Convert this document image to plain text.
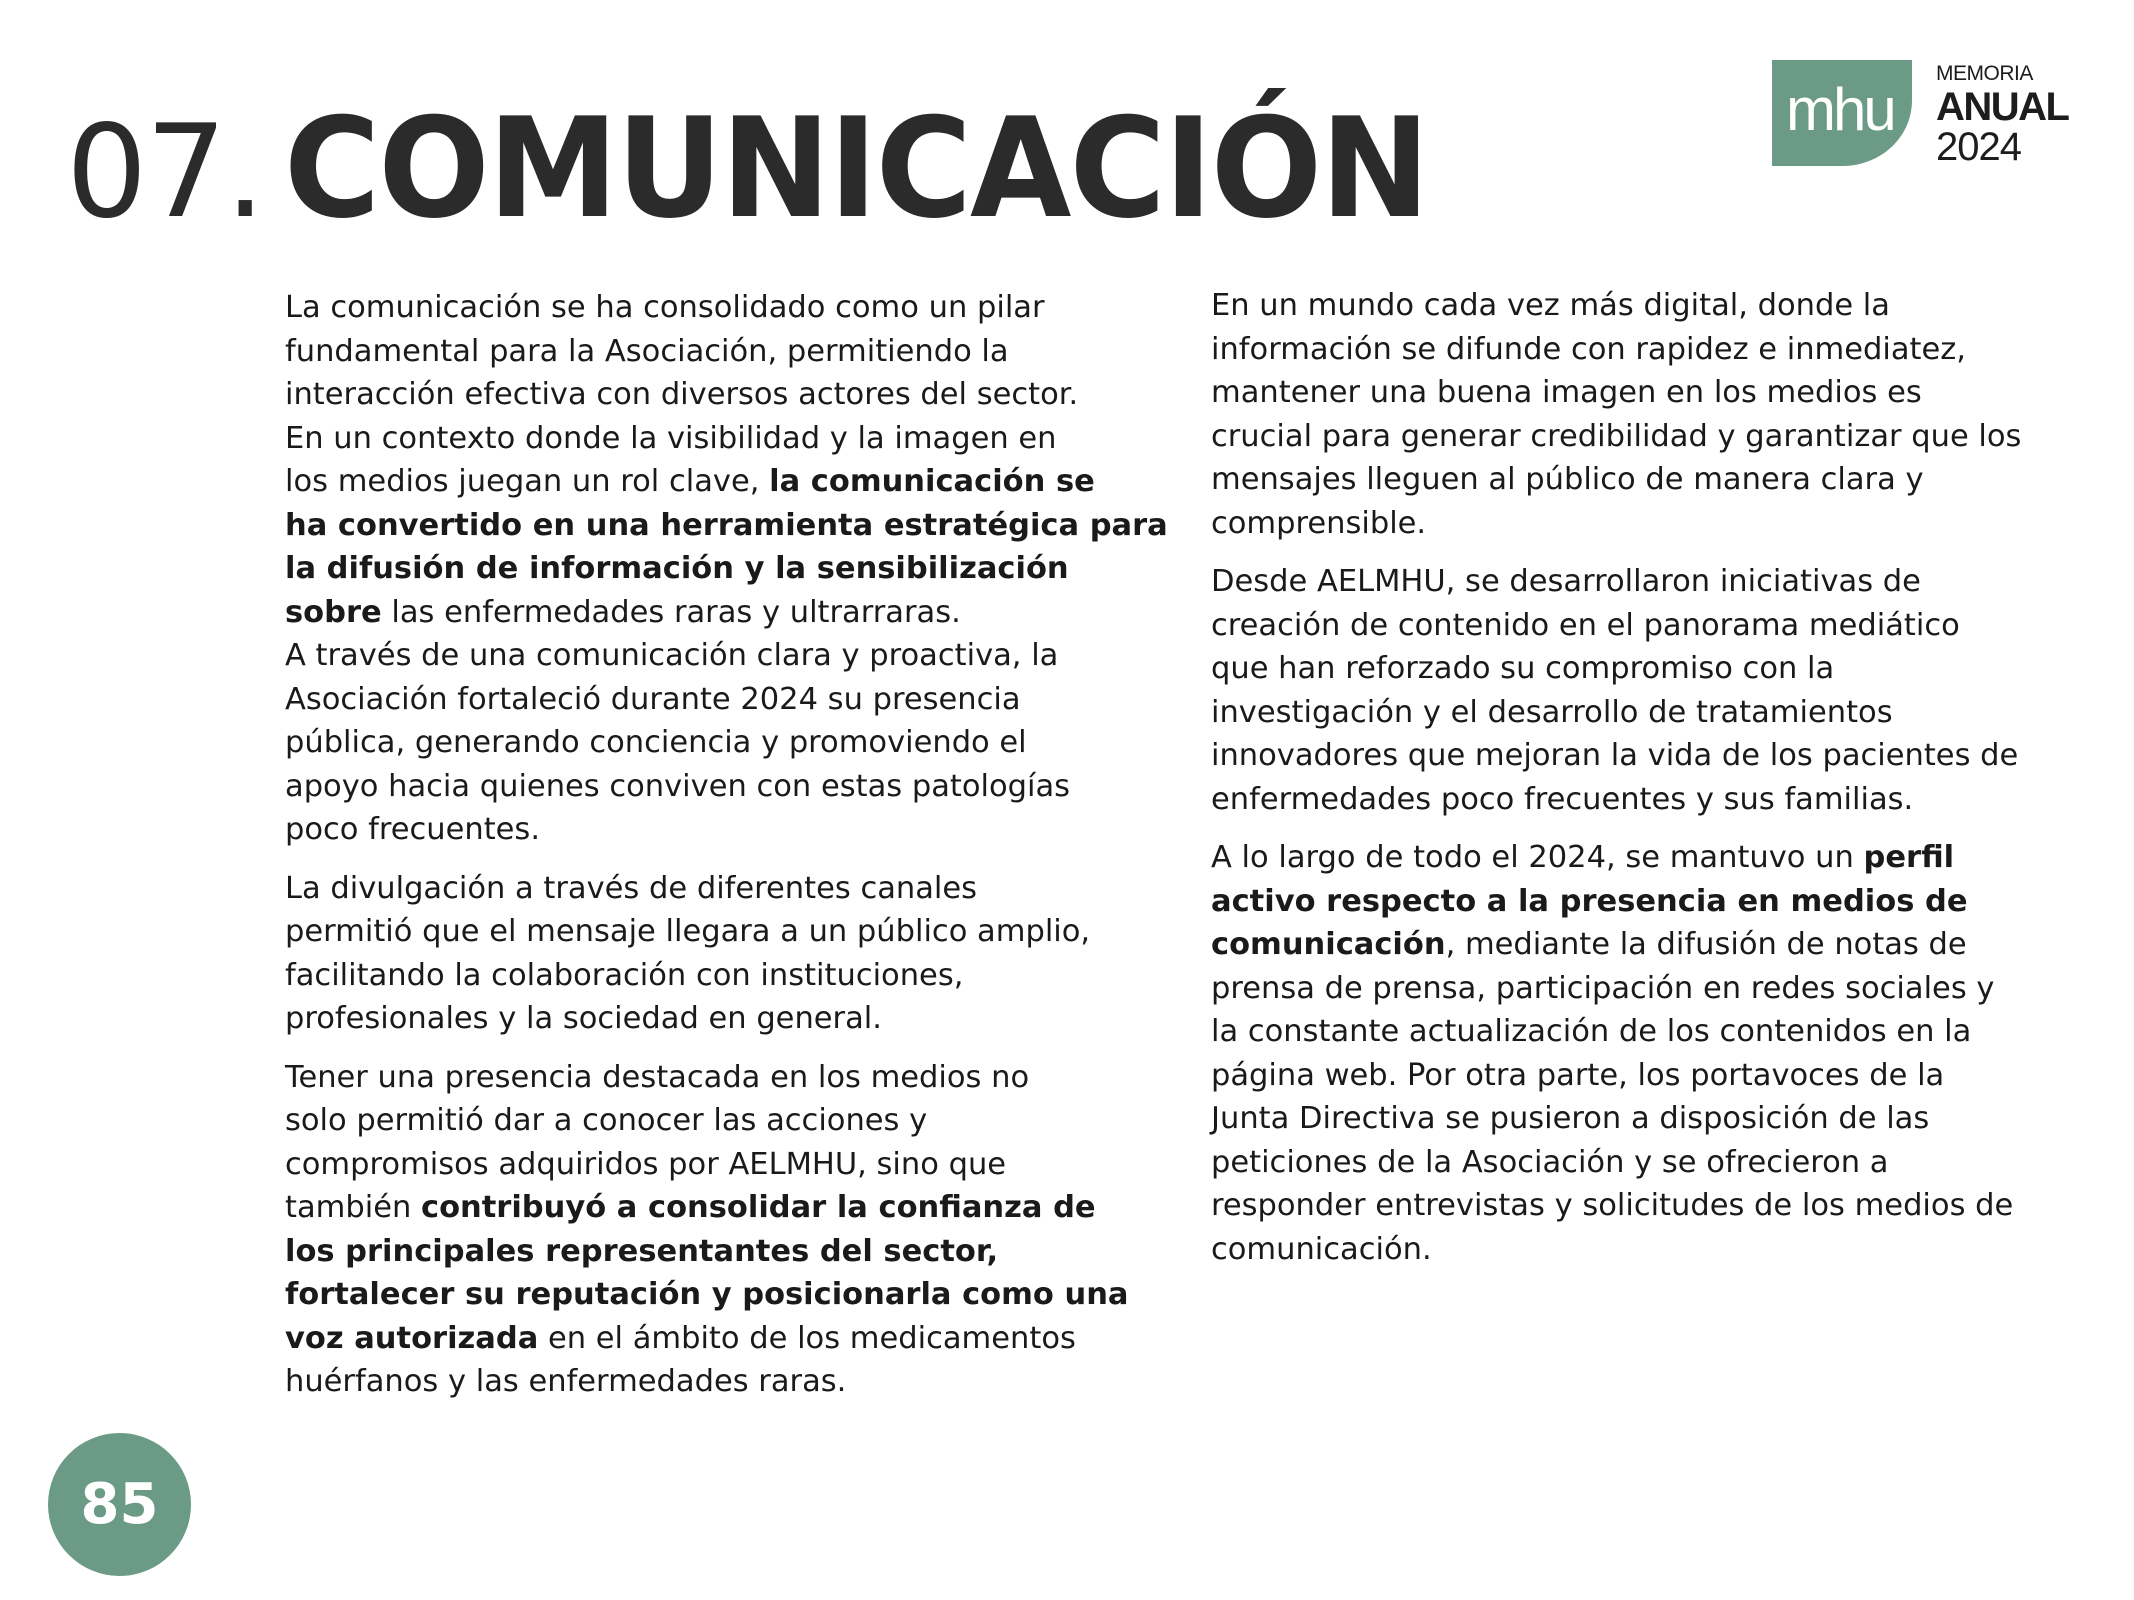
07. COMUNICACIÓN	mhu
MEMORIA
ANUAL
2024

La comunicación se ha consolidado como un pilar
fundamental para la Asociación, permitiendo la
interacción efectiva con diversos actores del sector.
En un contexto donde la visibilidad y la imagen en
los medios juegan un rol clave, la comunicación se
ha convertido en una herramienta estratégica para
la difusión de información y la sensibilización
sobre las enfermedades raras y ultrarraras.
A través de una comunicación clara y proactiva, la
Asociación fortaleció durante 2024 su presencia
pública, generando conciencia y promoviendo el
apoyo hacia quienes conviven con estas patologías
poco frecuentes.

La divulgación a través de diferentes canales
permitió que el mensaje llegara a un público amplio,
facilitando la colaboración con instituciones,
profesionales y la sociedad en general.

Tener una presencia destacada en los medios no
solo permitió dar a conocer las acciones y
compromisos adquiridos por AELMHU, sino que
también contribuyó a consolidar la confianza de
los principales representantes del sector,
fortalecer su reputación y posicionarla como una
voz autorizada en el ámbito de los medicamentos
huérfanos y las enfermedades raras.

En un mundo cada vez más digital, donde la
información se difunde con rapidez e inmediatez,
mantener una buena imagen en los medios es
crucial para generar credibilidad y garantizar que los
mensajes lleguen al público de manera clara y
comprensible.

Desde AELMHU, se desarrollaron iniciativas de
creación de contenido en el panorama mediático
que han reforzado su compromiso con la
investigación y el desarrollo de tratamientos
innovadores que mejoran la vida de los pacientes de
enfermedades poco frecuentes y sus familias.

A lo largo de todo el 2024, se mantuvo un perfil
activo respecto a la presencia en medios de
comunicación, mediante la difusión de notas de
prensa de prensa, participación en redes sociales y
la constante actualización de los contenidos en la
página web. Por otra parte, los portavoces de la
Junta Directiva se pusieron a disposición de las
peticiones de la Asociación y se ofrecieron a
responder entrevistas y solicitudes de los medios de
comunicación.

85
